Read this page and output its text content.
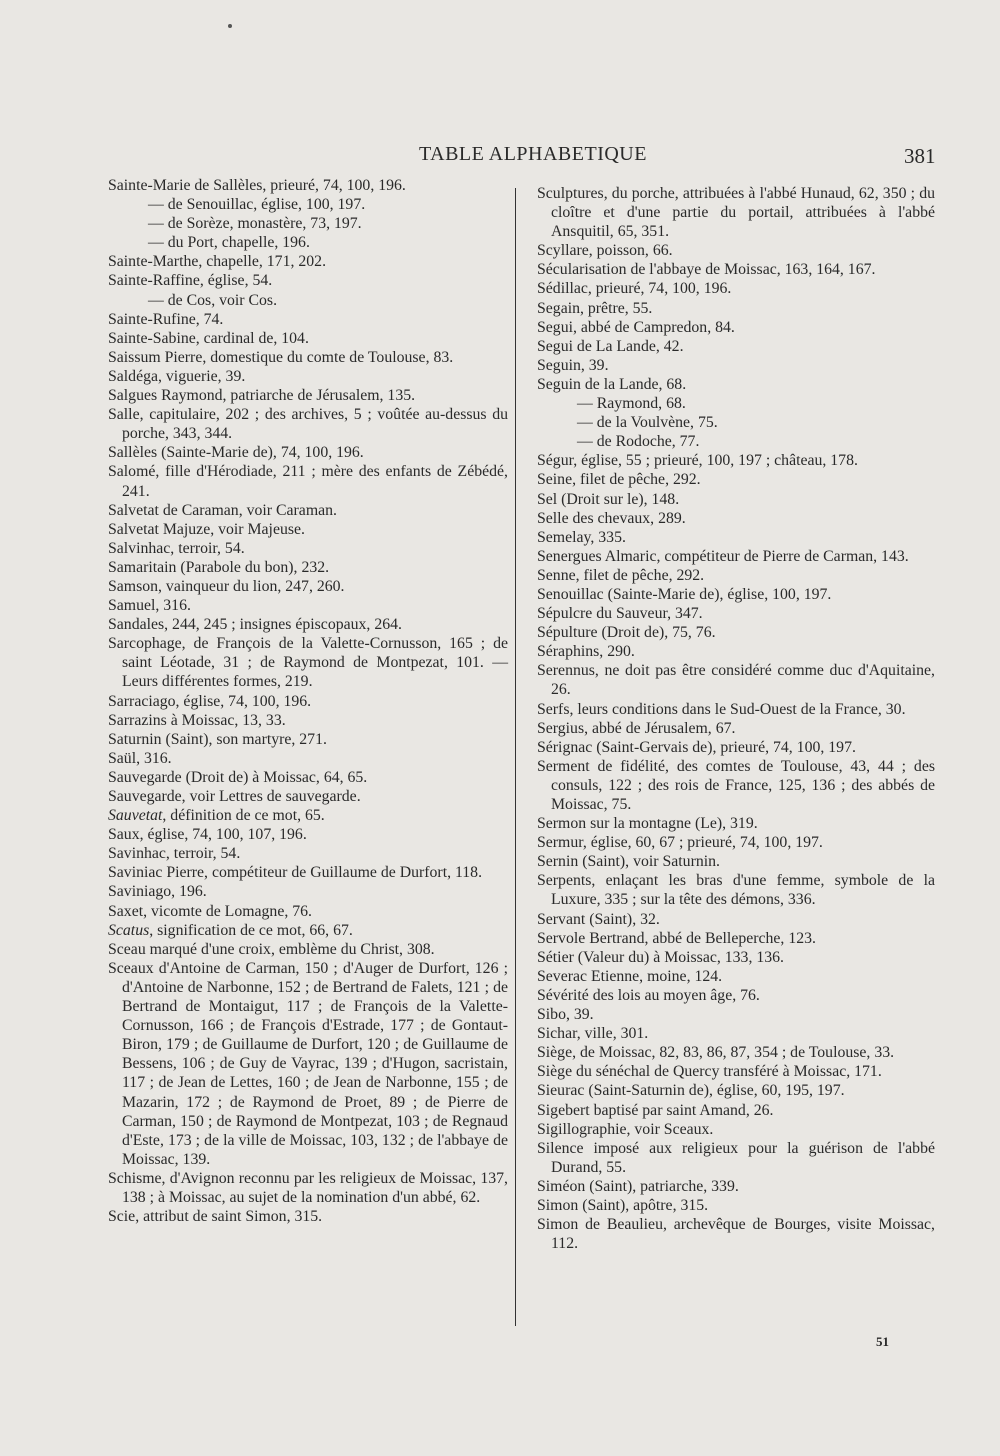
TABLE ALPHABETIQUE	381

Sainte-Marie de Sallèles, prieuré, 74, 100, 196.

— de Senouillac, église, 100, 197.

— de Sorèze, monastère, 73, 197.

— du Port, chapelle, 196.

Sainte-Marthe, chapelle, 171, 202.

Sainte-Raffine, église, 54.

— de Cos, voir Cos.

Sainte-Rufine, 74.

Sainte-Sabine, cardinal de, 104.

Saissum Pierre, domestique du comte de Toulouse, 83.

Saldéga, viguerie, 39.

Salgues Raymond, patriarche de Jérusalem, 135.

Salle, capitulaire, 202 ; des archives, 5 ; voûtée au-dessus du porche, 343, 344.

Sallèles (Sainte-Marie de), 74, 100, 196.

Salomé, fille d'Hérodiade, 211 ; mère des enfants de Zébédé, 241.

Salvetat de Caraman, voir Caraman.

Salvetat Majuze, voir Majeuse.

Salvinhac, terroir, 54.

Samaritain (Parabole du bon), 232.

Samson, vainqueur du lion, 247, 260.

Samuel, 316.

Sandales, 244, 245 ; insignes épiscopaux, 264.

Sarcophage, de François de la Valette-Cornusson, 165 ; de saint Léotade, 31 ; de Raymond de Montpezat, 101. — Leurs différentes formes, 219.

Sarraciago, église, 74, 100, 196.

Sarrazins à Moissac, 13, 33.

Saturnin (Saint), son martyre, 271.

Saül, 316.

Sauvegarde (Droit de) à Moissac, 64, 65.

Sauvegarde, voir Lettres de sauvegarde.

Sauvetat, définition de ce mot, 65.

Saux, église, 74, 100, 107, 196.

Savinhac, terroir, 54.

Saviniac Pierre, compétiteur de Guillaume de Durfort, 118.

Saviniago, 196.

Saxet, vicomte de Lomagne, 76.

Scatus, signification de ce mot, 66, 67.

Sceau marqué d'une croix, emblème du Christ, 308.

Sceaux d'Antoine de Carman, 150 ; d'Auger de Durfort, 126 ; d'Antoine de Narbonne, 152 ; de Bertrand de Falets, 121 ; de Bertrand de Montaigut, 117 ; de François de la Valette-Cornusson, 166 ; de François d'Estrade, 177 ; de Gontaut-Biron, 179 ; de Guillaume de Durfort, 120 ; de Guillaume de Bessens, 106 ; de Guy de Vayrac, 139 ; d'Hugon, sacristain, 117 ; de Jean de Lettes, 160 ; de Jean de Narbonne, 155 ; de Mazarin, 172 ; de Raymond de Proet, 89 ; de Pierre de Carman, 150 ; de Raymond de Montpezat, 103 ; de Regnaud d'Este, 173 ; de la ville de Moissac, 103, 132 ; de l'abbaye de Moissac, 139.

Schisme, d'Avignon reconnu par les religieux de Moissac, 137, 138 ; à Moissac, au sujet de la nomination d'un abbé, 62.

Scie, attribut de saint Simon, 315.

Sculptures, du porche, attribuées à l'abbé Hunaud, 62, 350 ; du cloître et d'une partie du portail, attribuées à l'abbé Ansquitil, 65, 351.

Scyllare, poisson, 66.

Sécularisation de l'abbaye de Moissac, 163, 164, 167.

Sédillac, prieuré, 74, 100, 196.

Segain, prêtre, 55.

Segui, abbé de Campredon, 84.

Segui de La Lande, 42.

Seguin, 39.

Seguin de la Lande, 68.

— Raymond, 68.

— de la Voulvène, 75.

— de Rodoche, 77.

Ségur, église, 55 ; prieuré, 100, 197 ; château, 178.

Seine, filet de pêche, 292.

Sel (Droit sur le), 148.

Selle des chevaux, 289.

Semelay, 335.

Senergues Almaric, compétiteur de Pierre de Carman, 143.

Senne, filet de pêche, 292.

Senouillac (Sainte-Marie de), église, 100, 197.

Sépulcre du Sauveur, 347.

Sépulture (Droit de), 75, 76.

Séraphins, 290.

Serennus, ne doit pas être considéré comme duc d'Aquitaine, 26.

Serfs, leurs conditions dans le Sud-Ouest de la France, 30.

Sergius, abbé de Jérusalem, 67.

Sérignac (Saint-Gervais de), prieuré, 74, 100, 197.

Serment de fidélité, des comtes de Toulouse, 43, 44 ; des consuls, 122 ; des rois de France, 125, 136 ; des abbés de Moissac, 75.

Sermon sur la montagne (Le), 319.

Sermur, église, 60, 67 ; prieuré, 74, 100, 197.

Sernin (Saint), voir Saturnin.

Serpents, enlaçant les bras d'une femme, symbole de la Luxure, 335 ; sur la tête des démons, 336.

Servant (Saint), 32.

Servole Bertrand, abbé de Belleperche, 123.

Sétier (Valeur du) à Moissac, 133, 136.

Severac Etienne, moine, 124.

Sévérité des lois au moyen âge, 76.

Sibo, 39.

Sichar, ville, 301.

Siège, de Moissac, 82, 83, 86, 87, 354 ; de Toulouse, 33.

Siège du sénéchal de Quercy transféré à Moissac, 171.

Sieurac (Saint-Saturnin de), église, 60, 195, 197.

Sigebert baptisé par saint Amand, 26.

Sigillographie, voir Sceaux.

Silence imposé aux religieux pour la guérison de l'abbé Durand, 55.

Siméon (Saint), patriarche, 339.

Simon (Saint), apôtre, 315.

Simon de Beaulieu, archevêque de Bourges, visite Moissac, 112.

51
